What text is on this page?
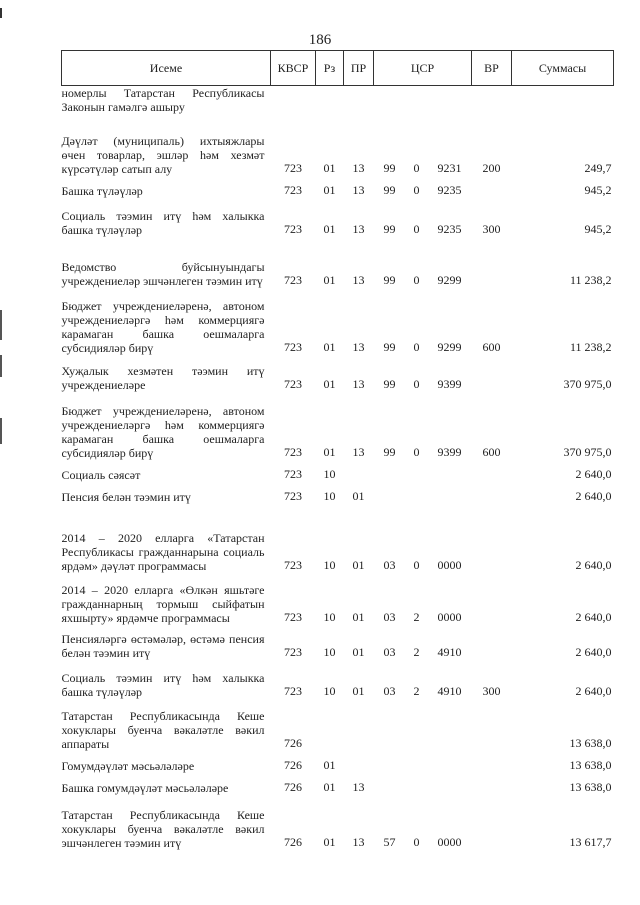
186
Исеме	КВСР	Рз	ПР	ЦСР			ВР	Суммасы
номерлы Татарстан Республикасы Законын гамәлгә ашыру								
Дәүләт (муниципаль) ихтыяжлары өчен товарлар, эшләр һәм хезмәт күрсәтүләр сатып алу	723	01	13	99	0	9231	200	249,7
Башка түләүләр	723	01	13	99	0	9235		945,2
Социаль тәэмин итү һәм халыкка башка түләүләр	723	01	13	99	0	9235	300	945,2
Ведомство буйсынуындагы учреждениеләр эшчәнлеген тәэмин итү	723	01	13	99	0	9299		11 238,2
Бюджет учреждениеләренә, автоном учреждениеләргә һәм коммерциягә карамаган башка оешмаларга субсидияләр бирү	723	01	13	99	0	9299	600	11 238,2
Хуҗалык хезмәтен тәэмин итү учреждениеләре	723	01	13	99	0	9399		370 975,0
Бюджет учреждениеләренә, автоном учреждениеләргә һәм коммерциягә карамаган башка оешмаларга субсидияләр бирү	723	01	13	99	0	9399	600	370 975,0
Социаль сәясәт	723	10						2 640,0
Пенсия белән тәэмин итү	723	10	01					2 640,0
2014 – 2020 елларга «Татарстан Республикасы гражданнарына социаль ярдәм» дәүләт программасы	723	10	01	03	0	0000		2 640,0
2014 – 2020 елларга «Өлкән яшьтәге гражданнарның тормыш сыйфатын яхшырту» ярдәмче программасы	723	10	01	03	2	0000		2 640,0
Пенсияләргә өстәмәләр, өстәмә пенсия белән тәэмин итү	723	10	01	03	2	4910		2 640,0
Социаль тәэмин итү һәм халыкка башка түләүләр	723	10	01	03	2	4910	300	2 640,0
Татарстан Республикасында Кеше хокуклары буенча вәкаләтле вәкил аппараты	726							13 638,0
Гомумдәүләт мәсьәләләре	726	01						13 638,0
Башка гомумдәүләт мәсьәләләре	726	01	13					13 638,0
Татарстан Республикасында Кеше хокуклары буенча вәкаләтле вәкил эшчәнлеген тәэмин итү	726	01	13	57	0	0000		13 617,7
